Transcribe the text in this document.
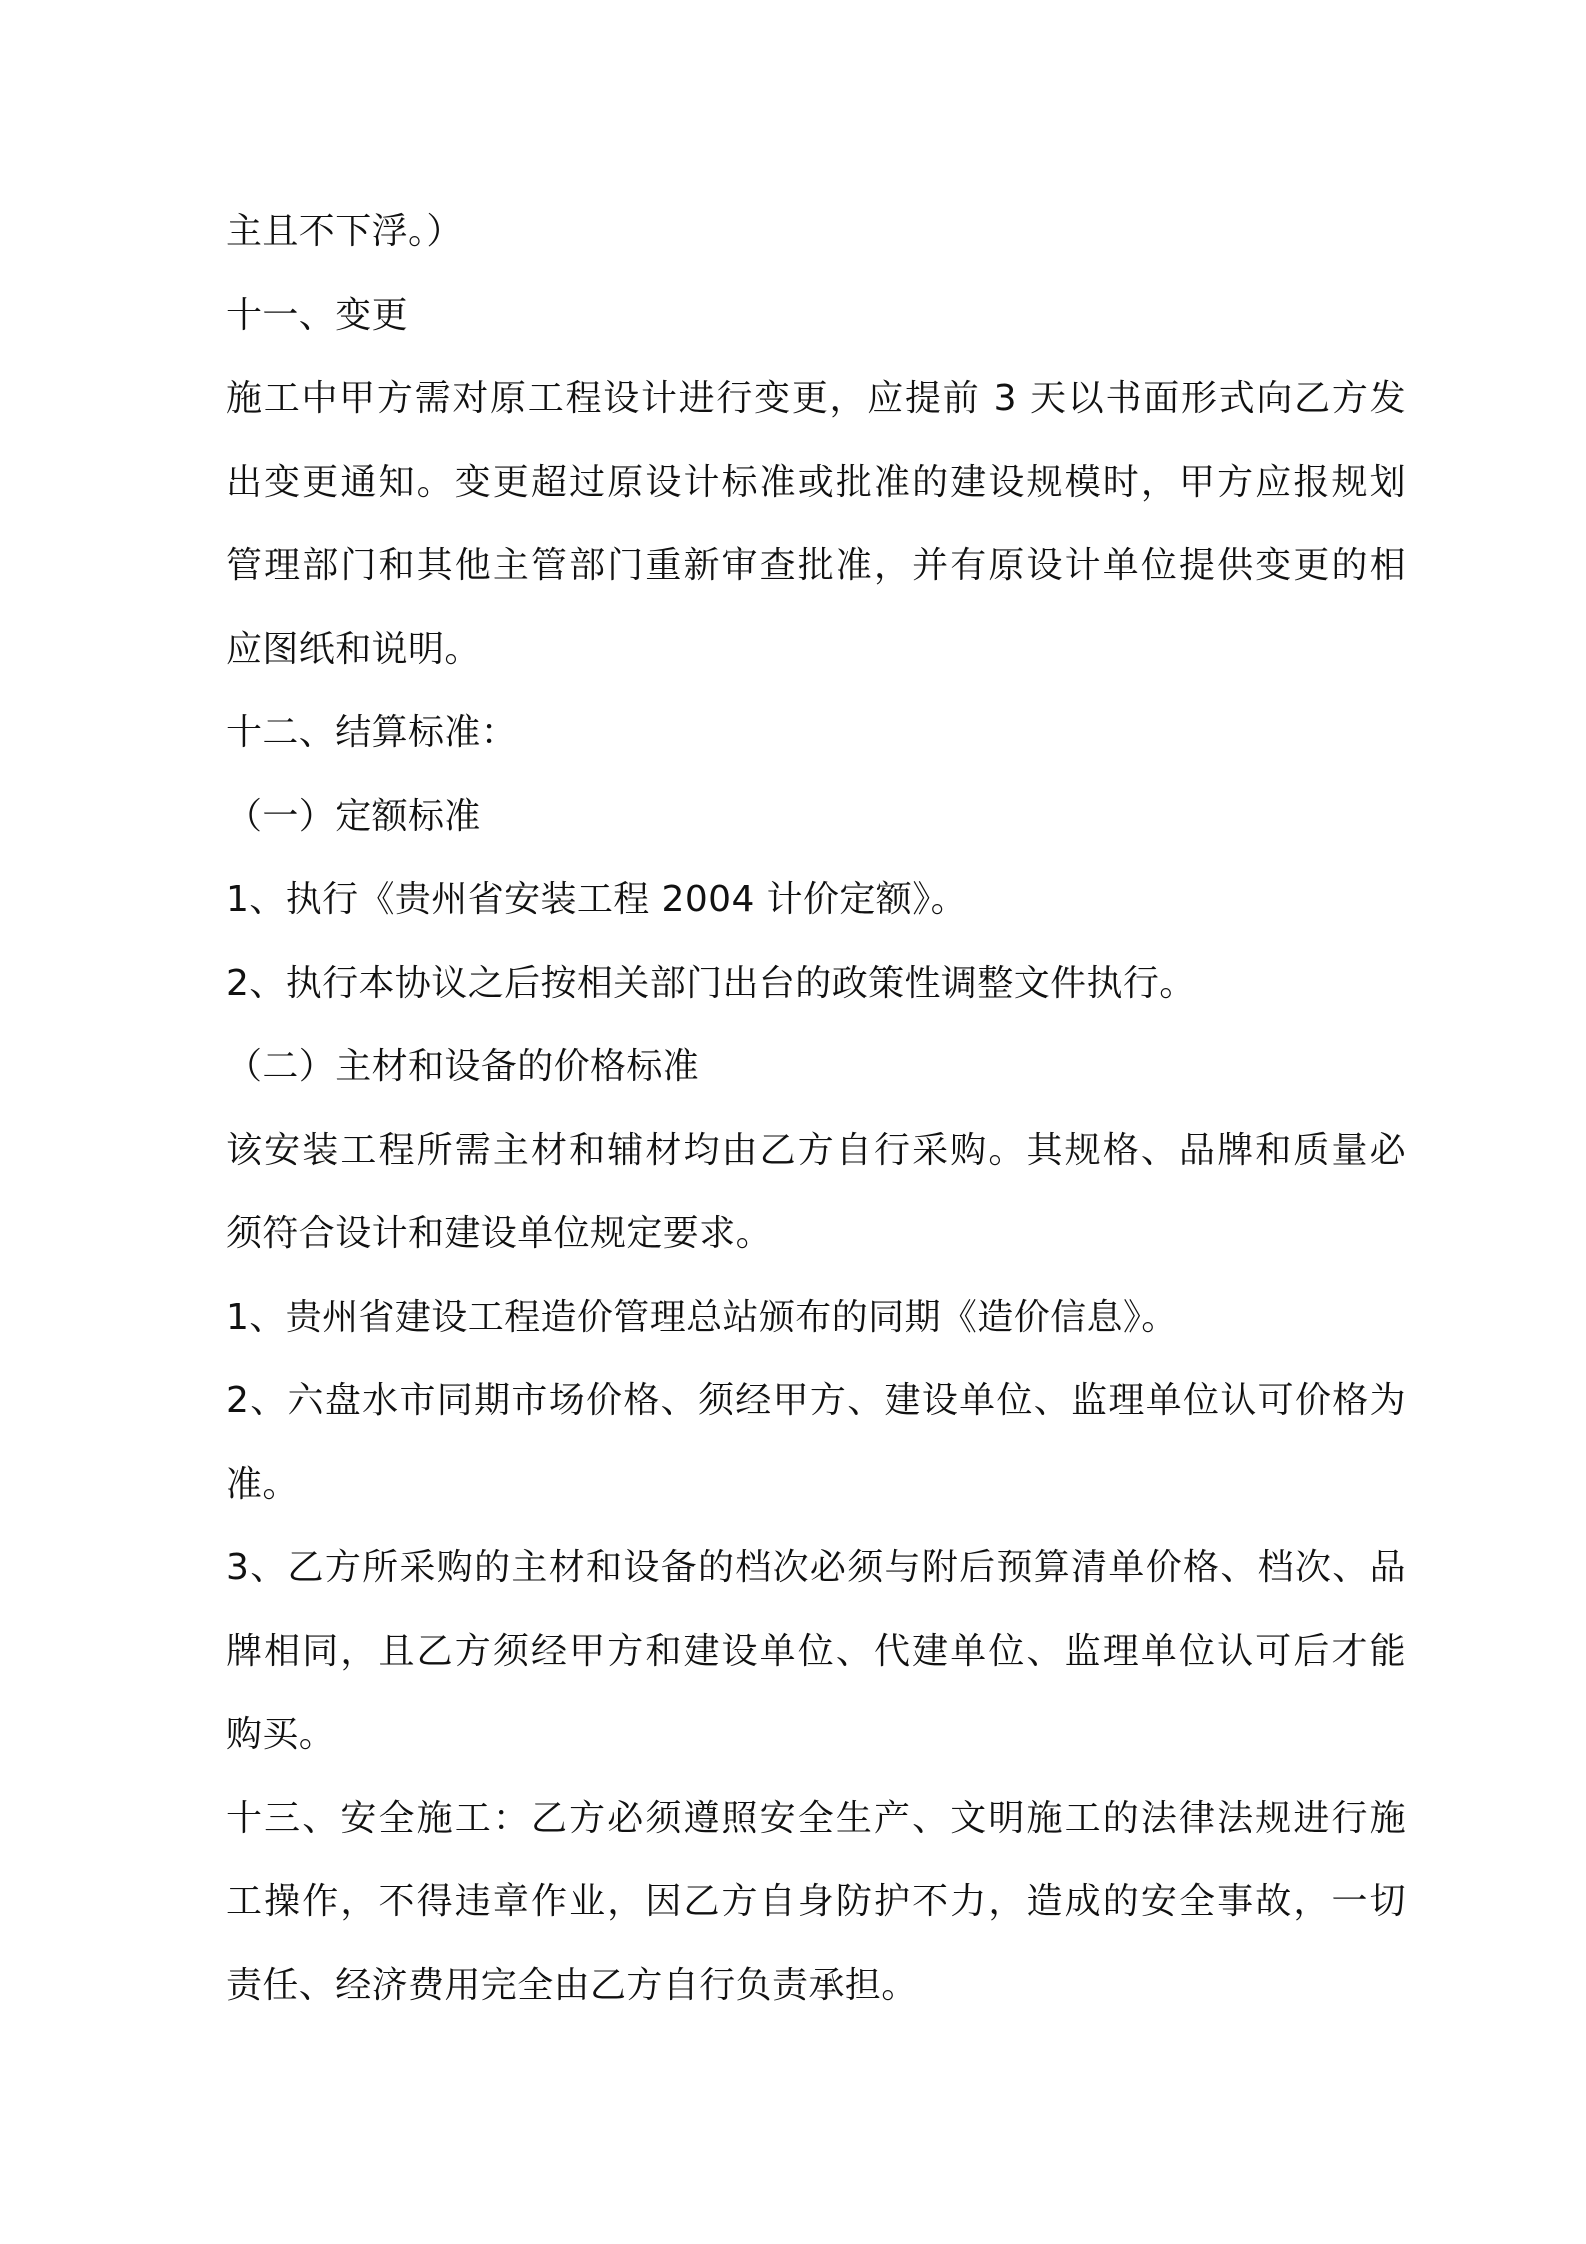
主且不下浮。）
十一、变更
施工中甲方需对原工程设计进行变更，应提前 3 天以书面形式向乙方发
出变更通知。变更超过原设计标准或批准的建设规模时，甲方应报规划
管理部门和其他主管部门重新审查批准，并有原设计单位提供变更的相
应图纸和说明。
十二、结算标准：
（一）定额标准
1、执行《贵州省安装工程 2004 计价定额》。
2、执行本协议之后按相关部门出台的政策性调整文件执行。
（二）主材和设备的价格标准
该安装工程所需主材和辅材均由乙方自行采购。其规格、品牌和质量必
须符合设计和建设单位规定要求。
1、贵州省建设工程造价管理总站颁布的同期《造价信息》。
2、六盘水市同期市场价格、须经甲方、建设单位、监理单位认可价格为
准。
3、乙方所采购的主材和设备的档次必须与附后预算清单价格、档次、品
牌相同，且乙方须经甲方和建设单位、代建单位、监理单位认可后才能
购买。
十三、安全施工：乙方必须遵照安全生产、文明施工的法律法规进行施
工操作，不得违章作业，因乙方自身防护不力，造成的安全事故，一切
责任、经济费用完全由乙方自行负责承担。
